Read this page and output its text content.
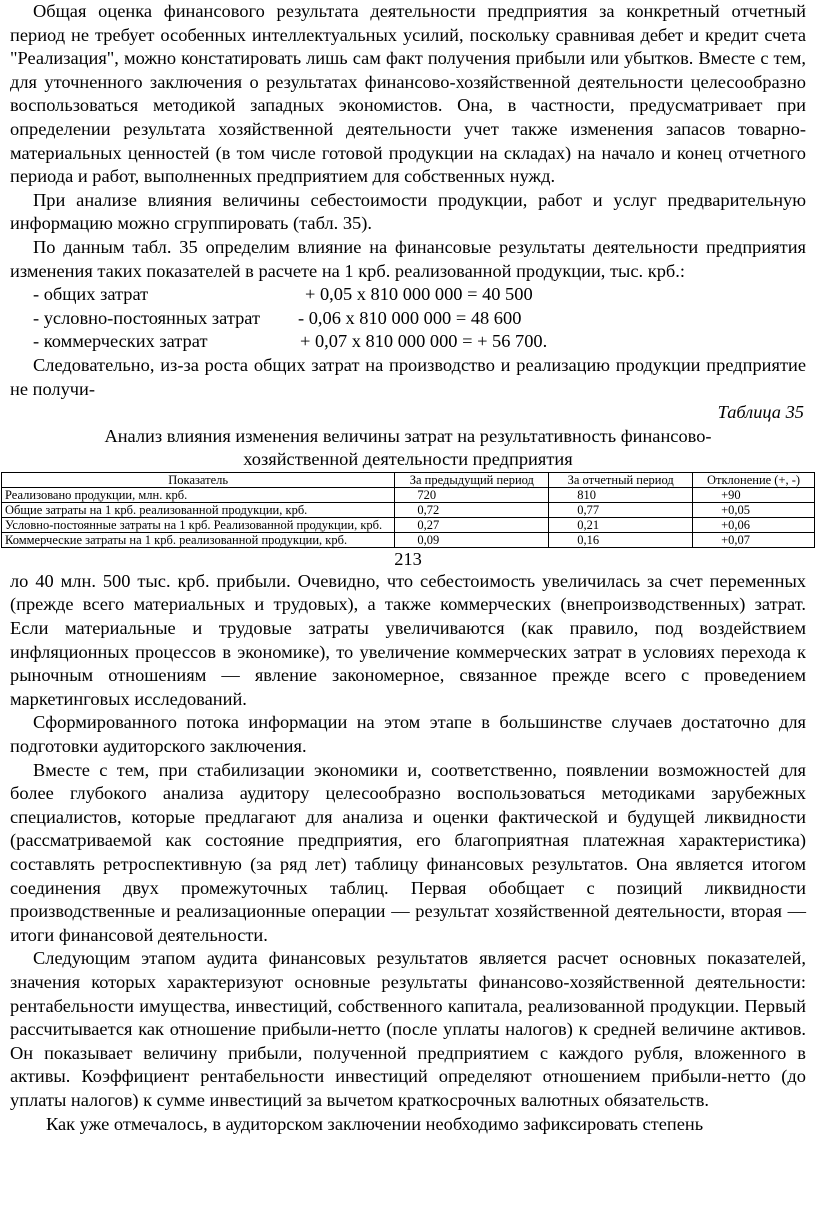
Общая оценка финансового результата деятельности предприятия за конкретный отчетный период не требует особенных интеллектуальных усилий, поскольку сравнивая дебет и кредит счета "Реализация", можно констатировать лишь сам факт получения прибыли или убытков. Вместе с тем, для уточненного заключения о результатах финансово-хозяйственной деятельности целесообразно воспользоваться методикой западных экономистов. Она, в частности, предусматривает при определении результата хозяйственной деятельности учет также изменения запасов товарно-материальных ценностей (в том числе готовой продукции на складах) на начало и конец отчетного периода и работ, выполненных предприятием для собственных нужд.

При анализе влияния величины себестоимости продукции, работ и услуг предварительную информацию можно сгруппировать (табл. 35).

По данным табл. 35 определим влияние на финансовые результаты деятельности предприятия изменения таких показателей в расчете на 1 крб. реализованной продукции, тыс. крб.:

- общих затрат	+ 0,05 х 810 000 000 = 40 500
- условно-постоянных затрат - 0,06 х 810 000 000 = 48 600
- коммерческих затрат	+ 0,07 х 810 000 000 = + 56 700.

Следовательно, из-за роста общих затрат на производство и реализацию продукции предприятие не получи-

Таблица 35
Анализ влияния изменения величины затрат на результативность финансово-
хозяйственной деятельности предприятия
Показатель	За предыдущий период	За отчетный период	Отклонение (+, -)
Реализовано продукции, млн. крб.	720	810	+90
Общие затраты на 1 крб. реализованной продукции, крб.	0,72	0,77	+0,05
Условно-постоянные затраты на 1 крб. Реализованной продукции, крб.	0,27	0,21	+0,06
Коммерческие затраты на 1 крб. реализованной продукции, крб.	0,09	0,16	+0,07
213

ло 40 млн. 500 тыс. крб. прибыли. Очевидно, что себестоимость увеличилась за счет переменных (прежде всего материальных и трудовых), а также коммерческих (внепроизводственных) затрат. Если материальные и трудовые затраты увеличиваются (как правило, под воздействием инфляционных процессов в экономике), то увеличение коммерческих затрат в условиях перехода к рыночным отношениям — явление закономерное, связанное прежде всего с проведением маркетинговых исследований.

Сформированного потока информации на этом этапе в большинстве случаев достаточно для подготовки аудиторского заключения.

Вместе с тем, при стабилизации экономики и, соответственно, появлении возможностей для более глубокого анализа аудитору целесообразно воспользоваться методиками зарубежных специалистов, которые предлагают для анализа и оценки фактической и будущей ликвидности (рассматриваемой как состояние предприятия, его благоприятная платежная характеристика) составлять ретроспективную (за ряд лет) таблицу финансовых результатов. Она является итогом соединения двух промежуточных таблиц. Первая обобщает с позиций ликвидности производственные и реализационные операции — результат хозяйственной деятельности, вторая — итоги финансовой деятельности.

Следующим этапом аудита финансовых результатов является расчет основных показателей, значения которых характеризуют основные результаты финансово-хозяйственной деятельности: рентабельности имущества, инвестиций, собственного капитала, реализованной продукции. Первый рассчитывается как отношение прибыли-нетто (после уплаты налогов) к средней величине активов. Он показывает величину прибыли, полученной предприятием с каждого рубля, вложенного в активы. Коэффициент рентабельности инвестиций определяют отношением прибыли-нетто (до уплаты налогов) к сумме инвестиций за вычетом краткосрочных валютных обязательств.

Как уже отмечалось, в аудиторском заключении необходимо зафиксировать степень
